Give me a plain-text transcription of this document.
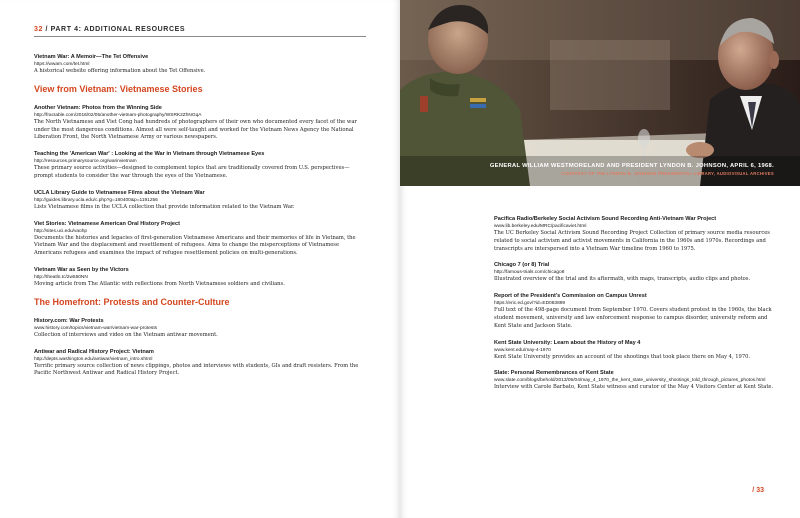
32 / PART 4: ADDITIONAL RESOURCES
Vietnam War: A Memoir—The Tet Offensive
https://wwam.com/tet.html
A historical website offering information about the Tet Offensive.
View from Vietnam: Vietnamese Stories
Another Vietnam: Photos from the Winning Side
http://fractable.com/2016/02/05/another-vietnam-photography/WSRK2ZhNGqA
The North Vietnamese and Viet Cong had hundreds of photographers of their own who documented every facet of the war under the most dangerous conditions. Almost all were self-taught and worked for the Vietnam News Agency the National Liberation Front, the North Vietnamese Army or various newspapers.
Teaching the 'American War' : Looking at the War in Vietnam through Vietnamese Eyes
http://resources.primarysource.org/warinvietnam
These primary source activities—designed to complement topics that are traditionally covered from U.S. perspectives—prompt students to consider the war through the eyes of the Vietnamese.
UCLA Library Guide to Vietnamese Films about the Vietnam War
http://guides.library.ucla.edu/c.php?g=180400&p=1191256
Lists Vietnamese films in the UCLA collection that provide information related to the Vietnam War.
Viet Stories: Vietnamese American Oral History Project
http://sites.uci.edu/vaohp
Documents the histories and legacies of first-generation Vietnamese Americans and their memories of life in Vietnam, the Vietnam War and the displacement and resettlement of refugees. Aims to change the misperceptions of Vietnamese Americans refugees and examines the impact of refugee resettlement policies on multi-generations.
Vietnam War as Seen by the Victors
http://theatln.tc/2w550NN
Moving article from The Atlantic with reflections from North Vietnamese soldiers and civilians.
The Homefront: Protests and Counter-Culture
History.com: War Protests
www.history.com/topics/vietnam-war/vietnam-war-protests
Collection of interviews and video on the Vietnam antiwar movement.
Antiwar and Radical History Project: Vietnam
http://depts.washington.edu/antiwar/vietnam_intro.shtml
Terrific primary source collection of news clippings, photos and interviews with students, GIs and draft resisters. From the Pacific Northwest Antiwar and Radical History Project.
GENERAL WILLIAM WESTMORELAND AND PRESIDENT LYNDON B. JOHNSON, APRIL 6, 1968.
COURTESY OF THE LYNDON B. JOHNSON PRESIDENTIAL LIBRARY, AUDIOVISUAL ARCHIVES
Pacifica Radio/Berkeley Social Activism Sound Recording Anti-Vietnam War Project
www.lib.berkeley.edu/MRC/pacificaviet.html
The UC Berkeley Social Activism Sound Recording Project Collection of primary source media resources related to social activism and activist movements in California in the 1960s and 1970s. Recordings and transcripts are interspersed into a Vietnam War timeline from 1960 to 1975.
Chicago 7 (or 8) Trial
http://famous-trials.com/chicago8
Illustrated overview of the trial and its aftermath, with maps, transcripts, audio clips and photos.
Report of the President's Commission on Campus Unrest
https://eric.ed.gov/?id=ED083899
Full text of the 498-page document from September 1970. Covers student protest in the 1960s, the black student movement, university and law enforcement response to campus disorder, university reform and Kent State and Jackson State.
Kent State University: Learn about the History of May 4
www.kent.edu/may-4-1970
Kent State University provides an account of the shootings that took place there on May 4, 1970.
Slate: Personal Remembrances of Kent State
www.slate.com/blogs/behold/2013/05/04/may_4_1970_the_kent_state_university_shootings_told_through_pictures_photos.html
Interview with Carole Barbato, Kent State witness and curator of the May 4 Visitors Center at Kent State.
/ 33
